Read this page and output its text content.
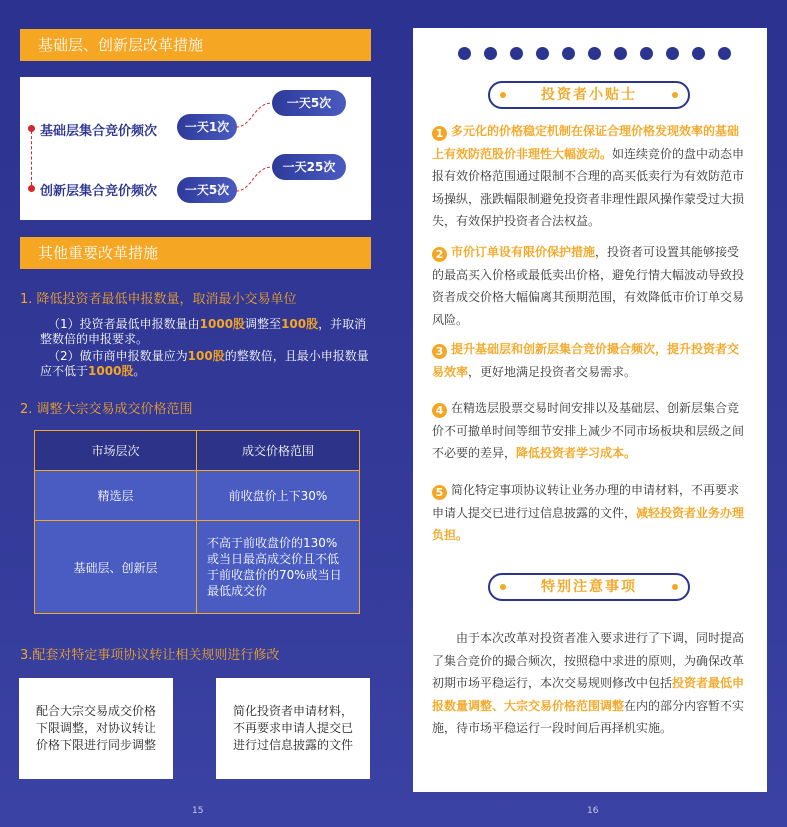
基础层、创新层改革措施
基础层集合竞价频次
创新层集合竞价频次
一天1次
一天5次
一天5次
一天25次
其他重要改革措施
1. 降低投资者最低申报数量，取消最小交易单位
（1）投资者最低申报数量由1000股调整至100股，并取消整数倍的申报要求。
（2）做市商申报数量应为100股的整数倍，且最小申报数量应不低于1000股。
2. 调整大宗交易成交价格范围
市场层次	成交价格范围
精选层	前收盘价上下30%
基础层、创新层	不高于前收盘价的130%或当日最高成交价且不低于前收盘价的70%或当日最低成交价
3.配套对特定事项协议转让相关规则进行修改
配合大宗交易成交价格下限调整，对协议转让价格下限进行同步调整
简化投资者申请材料，不再要求申请人提交已进行过信息披露的文件
15
投资者小贴士
1 多元化的价格稳定机制在保证合理价格发现效率的基础上有效防范股价非理性大幅波动。如连续竞价的盘中动态申报有效价格范围通过限制不合理的高买低卖行为有效防范市场操纵，涨跌幅限制避免投资者非理性跟风操作蒙受过大损失，有效保护投资者合法权益。
2 市价订单设有限价保护措施，投资者可设置其能够接受的最高买入价格或最低卖出价格，避免行情大幅波动导致投资者成交价格大幅偏离其预期范围，有效降低市价订单交易风险。
3 提升基础层和创新层集合竞价撮合频次，提升投资者交易效率，更好地满足投资者交易需求。
4 在精选层股票交易时间安排以及基础层、创新层集合竞价不可撤单时间等细节安排上减少不同市场板块和层级之间不必要的差异，降低投资者学习成本。
5 简化特定事项协议转让业务办理的申请材料，不再要求申请人提交已进行过信息披露的文件，减轻投资者业务办理负担。
特别注意事项
由于本次改革对投资者准入要求进行了下调，同时提高了集合竞价的撮合频次，按照稳中求进的原则，为确保改革初期市场平稳运行，本次交易规则修改中包括投资者最低申报数量调整、大宗交易价格范围调整在内的部分内容暂不实施，待市场平稳运行一段时间后再择机实施。
16
